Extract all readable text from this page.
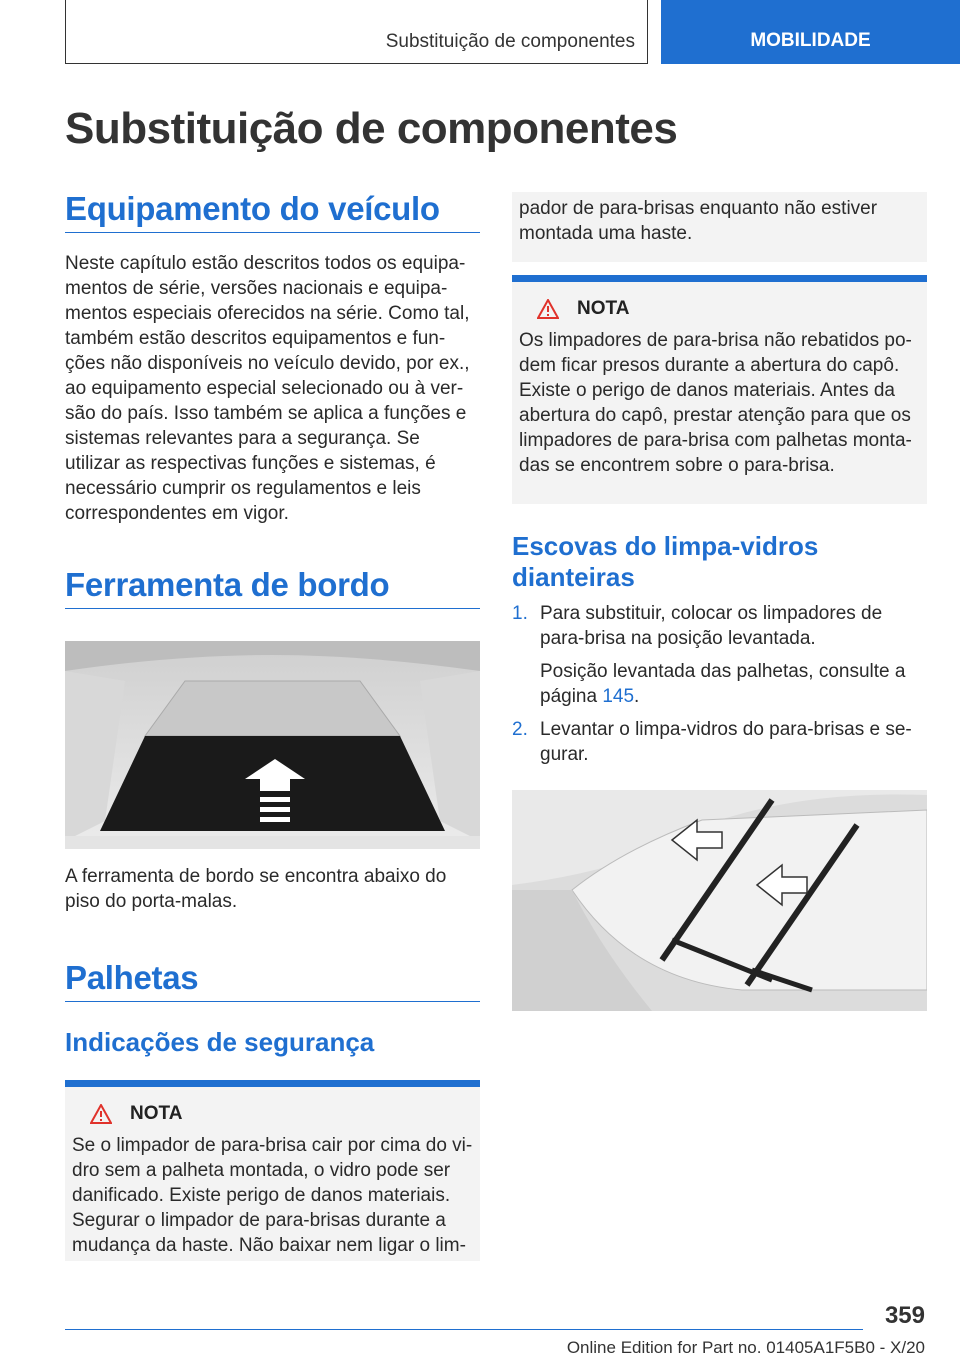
Substituição de componentes	MOBILIDADE
Substituição de componentes
Equipamento do veículo

Neste capítulo estão descritos todos os equipa-mentos de série, versões nacionais e equipa-mentos especiais oferecidos na série. Como tal, também estão descritos equipamentos e fun-ções não disponíveis no veículo devido, por ex., ao equipamento especial selecionado ou à ver-são do país. Isso também se aplica a funções e sistemas relevantes para a segurança. Se utilizar as respectivas funções e sistemas, é necessário cumprir os regulamentos e leis correspondentes em vigor.

Ferramenta de bordo

A ferramenta de bordo se encontra abaixo do piso do porta-malas.

Palhetas
Indicações de segurança
NOTA

Se o limpador de para-brisa cair por cima do vi-dro sem a palheta montada, o vidro pode ser danificado. Existe perigo de danos materiais. Segurar o limpador de para-brisas durante a mudança da haste. Não baixar nem ligar o lim-

pador de para-brisas enquanto não estiver montada uma haste.

NOTA

Os limpadores de para-brisa não rebatidos po-dem ficar presos durante a abertura do capô. Existe o perigo de danos materiais. Antes da abertura do capô, prestar atenção para que os limpadores de para-brisa com palhetas monta-das se encontrem sobre o para-brisa.

Escovas do limpa-vidros dianteiras
1. Para substituir, colocar os limpadores de para-brisa na posição levantada.
Posição levantada das palhetas, consulte a página 145.
2. Levantar o limpa-vidros do para-brisas e se-gurar.
359
Online Edition for Part no. 01405A1F5B0 - X/20
